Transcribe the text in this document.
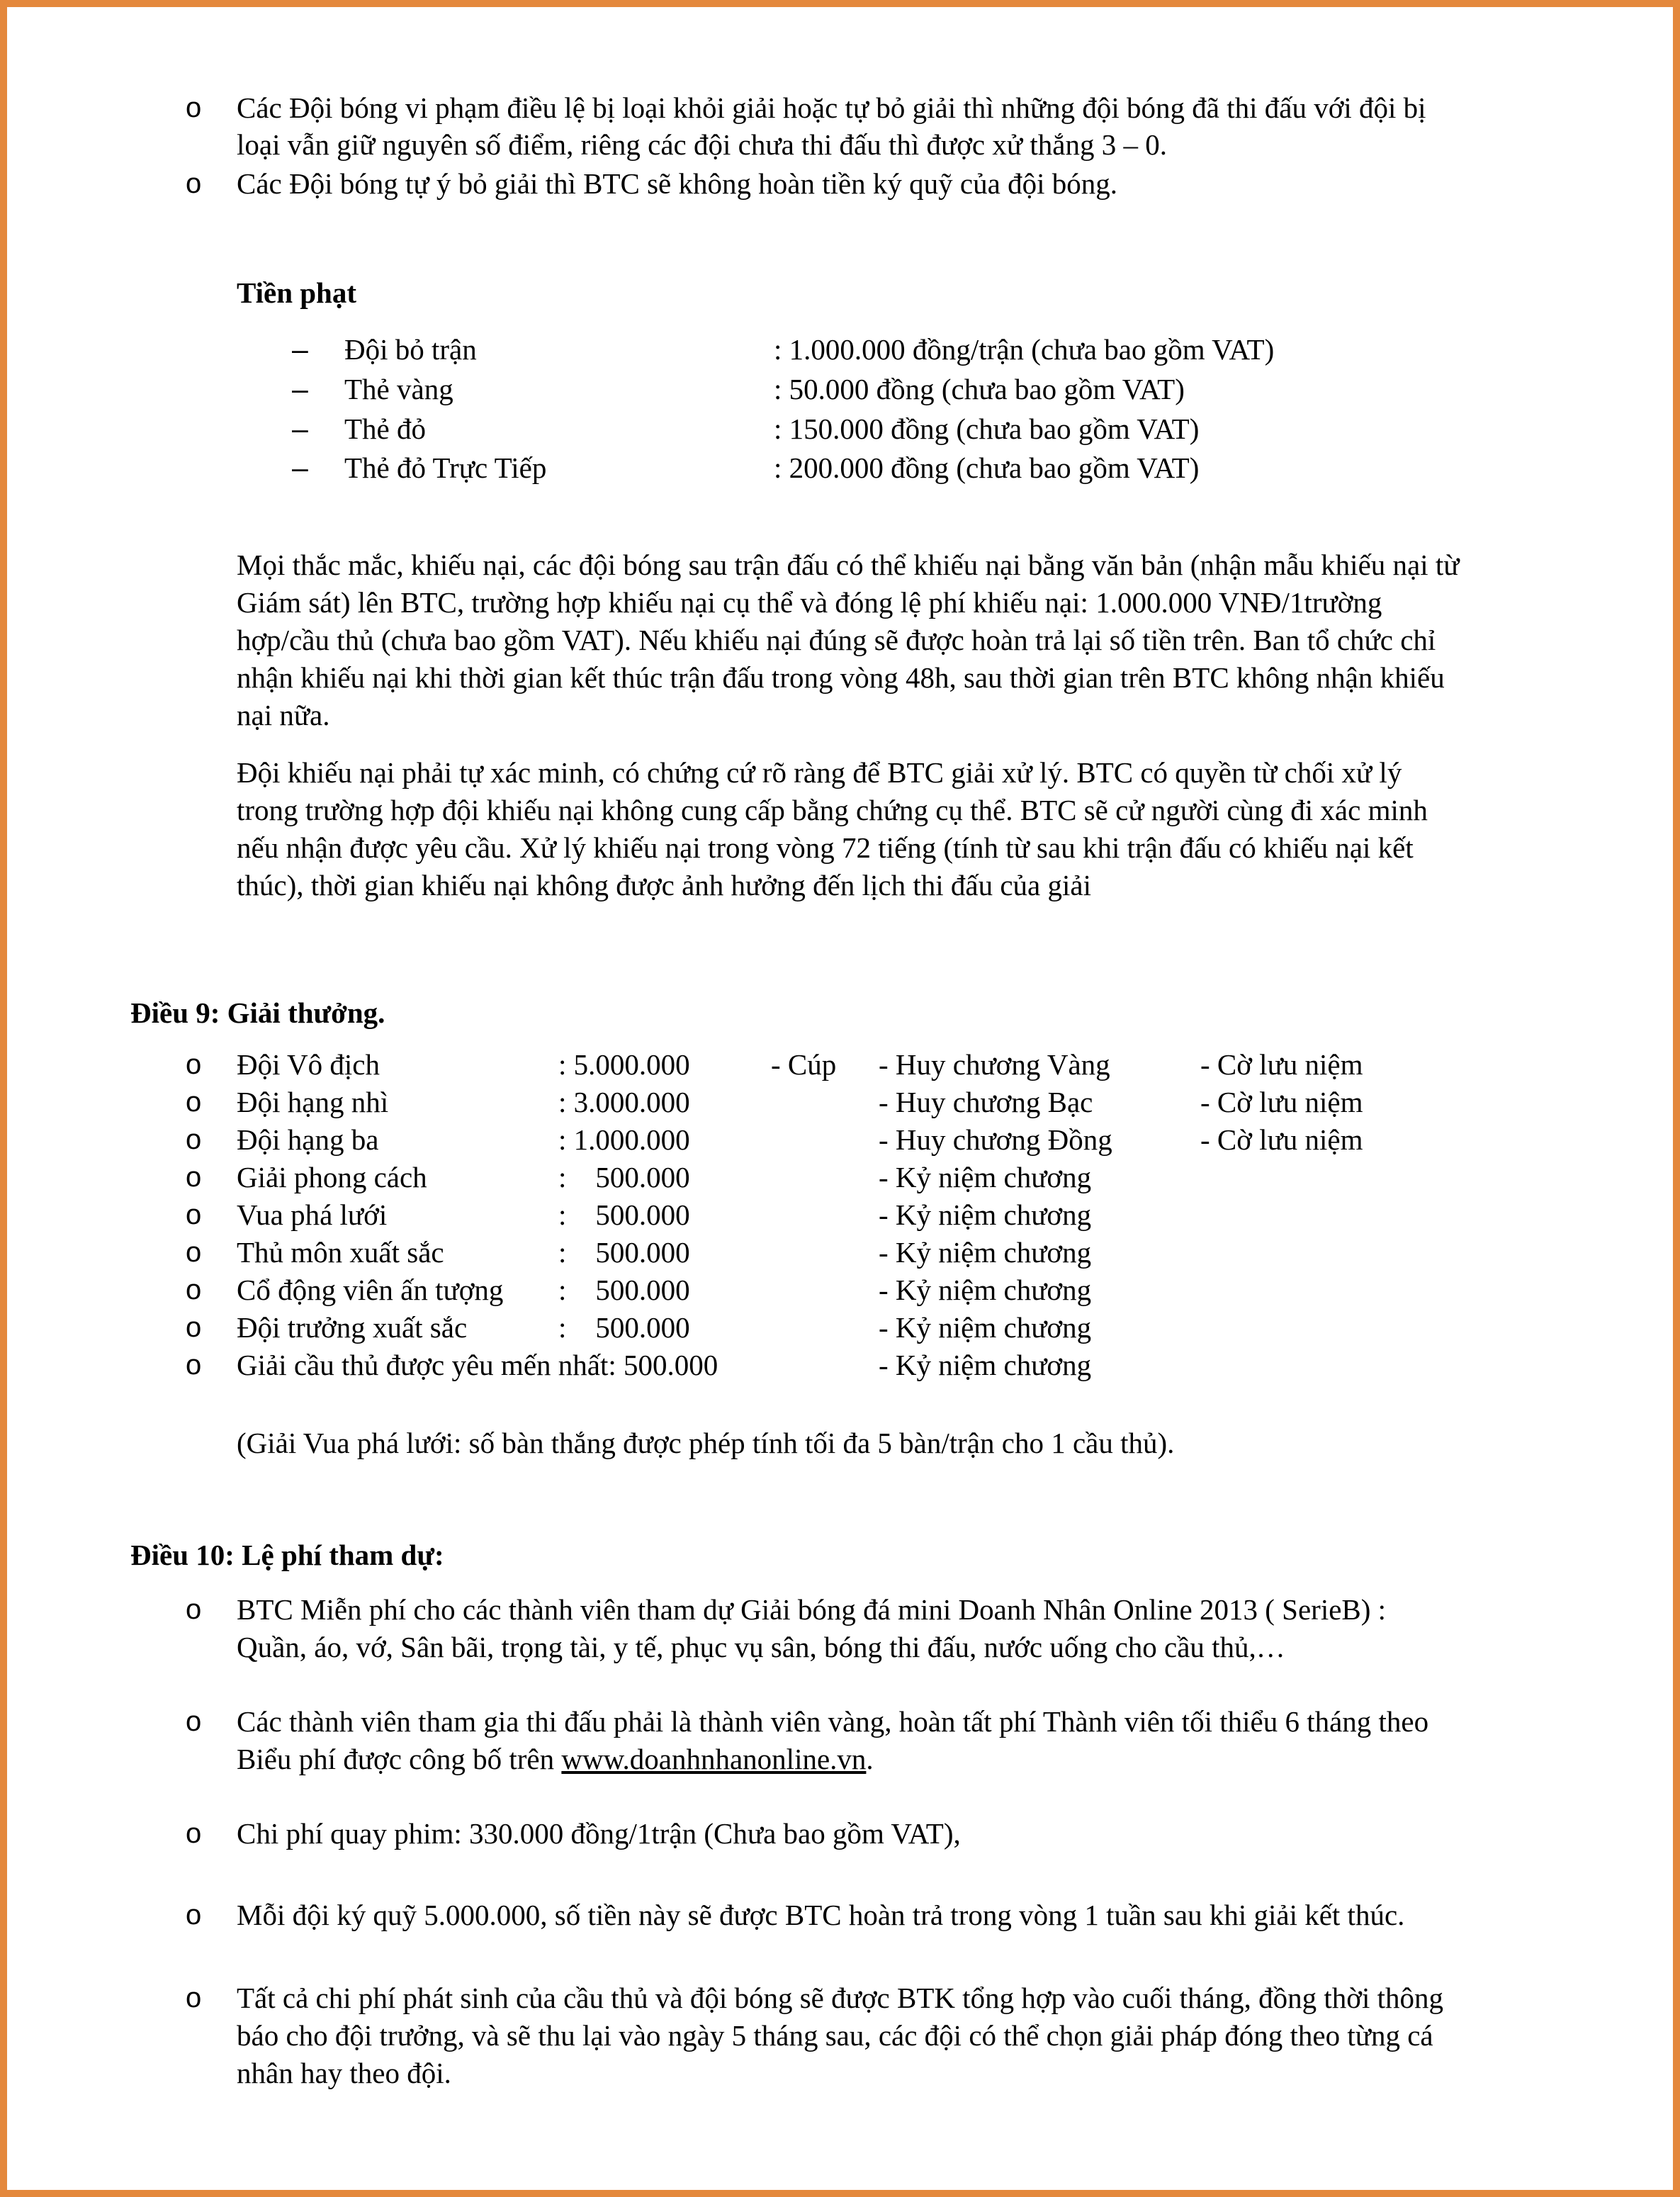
o Các Đội bóng vi phạm điều lệ bị loại khỏi giải hoặc tự bỏ giải thì những đội bóng đã thi đấu với đội bị
loại vẫn giữ nguyên số điểm, riêng các đội chưa thi đấu thì được xử thắng 3 – 0.
o Các Đội bóng tự ý bỏ giải thì BTC sẽ không hoàn tiền ký quỹ của đội bóng.
Tiền phạt
– Đội bỏ trận	: 1.000.000 đồng/trận (chưa bao gồm VAT)
– Thẻ vàng	: 50.000 đồng (chưa bao gồm VAT)
– Thẻ đỏ	: 150.000 đồng (chưa bao gồm VAT)
– Thẻ đỏ Trực Tiếp	: 200.000 đồng (chưa bao gồm VAT)
Mọi thắc mắc, khiếu nại, các đội bóng sau trận đấu có thể khiếu nại bằng văn bản (nhận mẫu khiếu nại từ
Giám sát) lên BTC, trường hợp khiếu nại cụ thể và đóng lệ phí khiếu nại: 1.000.000 VNĐ/1trường
hợp/cầu thủ (chưa bao gồm VAT). Nếu khiếu nại đúng sẽ được hoàn trả lại số tiền trên. Ban tổ chức chỉ
nhận khiếu nại khi thời gian kết thúc trận đấu trong vòng 48h, sau thời gian trên BTC không nhận khiếu
nại nữa.
Đội khiếu nại phải tự xác minh, có chứng cứ rõ ràng để BTC giải xử lý. BTC có quyền từ chối xử lý
trong trường hợp đội khiếu nại không cung cấp bằng chứng cụ thể. BTC sẽ cử người cùng đi xác minh
nếu nhận được yêu cầu. Xử lý khiếu nại trong vòng 72 tiếng (tính từ sau khi trận đấu có khiếu nại kết
thúc), thời gian khiếu nại không được ảnh hưởng đến lịch thi đấu của giải
Điều 9: Giải thưởng.
o Đội Vô địch	: 5.000.000	- Cúp - Huy chương Vàng	- Cờ lưu niệm
o Đội hạng nhì	: 3.000.000	- Huy chương Bạc	- Cờ lưu niệm
o Đội hạng ba	: 1.000.000	- Huy chương Đồng	- Cờ lưu niệm
o Giải phong cách	:    500.000	- Kỷ niệm chương
o Vua phá lưới	:    500.000	- Kỷ niệm chương
o Thủ môn xuất sắc	:    500.000	- Kỷ niệm chương
o Cổ động viên ấn tượng :    500.000	- Kỷ niệm chương
o Đội trưởng xuất sắc	:    500.000	- Kỷ niệm chương
o Giải cầu thủ được yêu mến nhất: 500.000	- Kỷ niệm chương
(Giải Vua phá lưới: số bàn thắng được phép tính tối đa 5 bàn/trận cho 1 cầu thủ).
Điều 10: Lệ phí tham dự:
o BTC Miễn phí cho các thành viên tham dự Giải bóng đá mini Doanh Nhân Online 2013 ( SerieB) :
Quần, áo, vớ, Sân bãi, trọng tài, y tế, phục vụ sân, bóng thi đấu, nước uống cho cầu thủ,…
o Các thành viên tham gia thi đấu phải là thành viên vàng, hoàn tất phí Thành viên tối thiểu 6 tháng theo
Biểu phí được công bố trên www.doanhnhanonline.vn.
o Chi phí quay phim: 330.000 đồng/1trận (Chưa bao gồm VAT),
o Mỗi đội ký quỹ 5.000.000, số tiền này sẽ được BTC hoàn trả trong vòng 1 tuần sau khi giải kết thúc.
o Tất cả chi phí phát sinh của cầu thủ và đội bóng sẽ được BTK tổng hợp vào cuối tháng, đồng thời thông
báo cho đội trưởng, và sẽ thu lại vào ngày 5 tháng sau, các đội có thể chọn giải pháp đóng theo từng cá
nhân hay theo đội.
